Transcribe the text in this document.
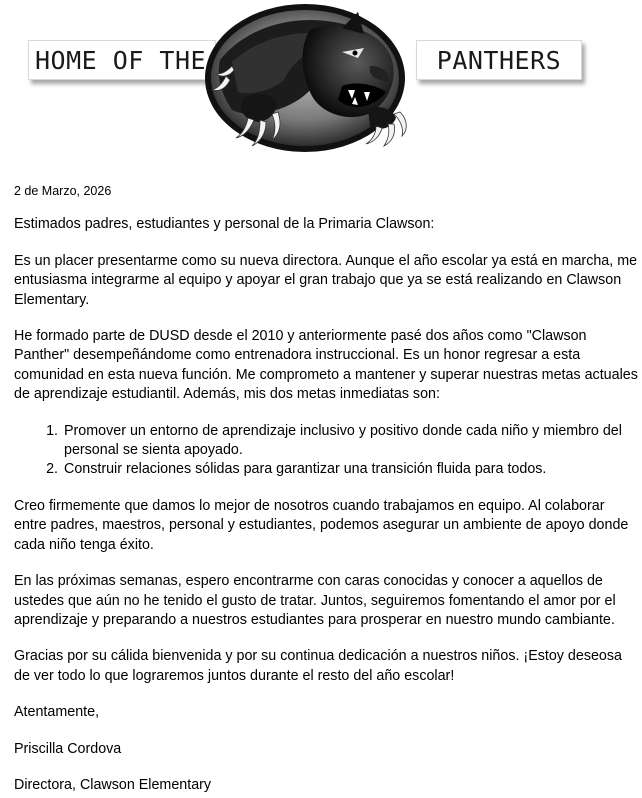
HOME OF THE	PANTHERS

2 de Marzo, 2026

Estimados padres, estudiantes y personal de la Primaria Clawson:

Es un placer presentarme como su nueva directora. Aunque el año escolar ya está en marcha, me entusiasma integrarme al equipo y apoyar el gran trabajo que ya se está realizando en Clawson Elementary.

He formado parte de DUSD desde el 2010 y anteriormente pasé dos años como "Clawson Panther" desempeñándome como entrenadora instruccional. Es un honor regresar a esta comunidad en esta nueva función. Me comprometo a mantener y superar nuestras metas actuales de aprendizaje estudiantil. Además, mis dos metas inmediatas son:

1. Promover un entorno de aprendizaje inclusivo y positivo donde cada niño y miembro del personal se sienta apoyado.
2. Construir relaciones sólidas para garantizar una transición fluida para todos.

Creo firmemente que damos lo mejor de nosotros cuando trabajamos en equipo. Al colaborar entre padres, maestros, personal y estudiantes, podemos asegurar un ambiente de apoyo donde cada niño tenga éxito.

En las próximas semanas, espero encontrarme con caras conocidas y conocer a aquellos de ustedes que aún no he tenido el gusto de tratar. Juntos, seguiremos fomentando el amor por el aprendizaje y preparando a nuestros estudiantes para prosperar en nuestro mundo cambiante.

Gracias por su cálida bienvenida y por su continua dedicación a nuestros niños. ¡Estoy deseosa de ver todo lo que lograremos juntos durante el resto del año escolar!

Atentamente,

Priscilla Cordova

Directora, Clawson Elementary
